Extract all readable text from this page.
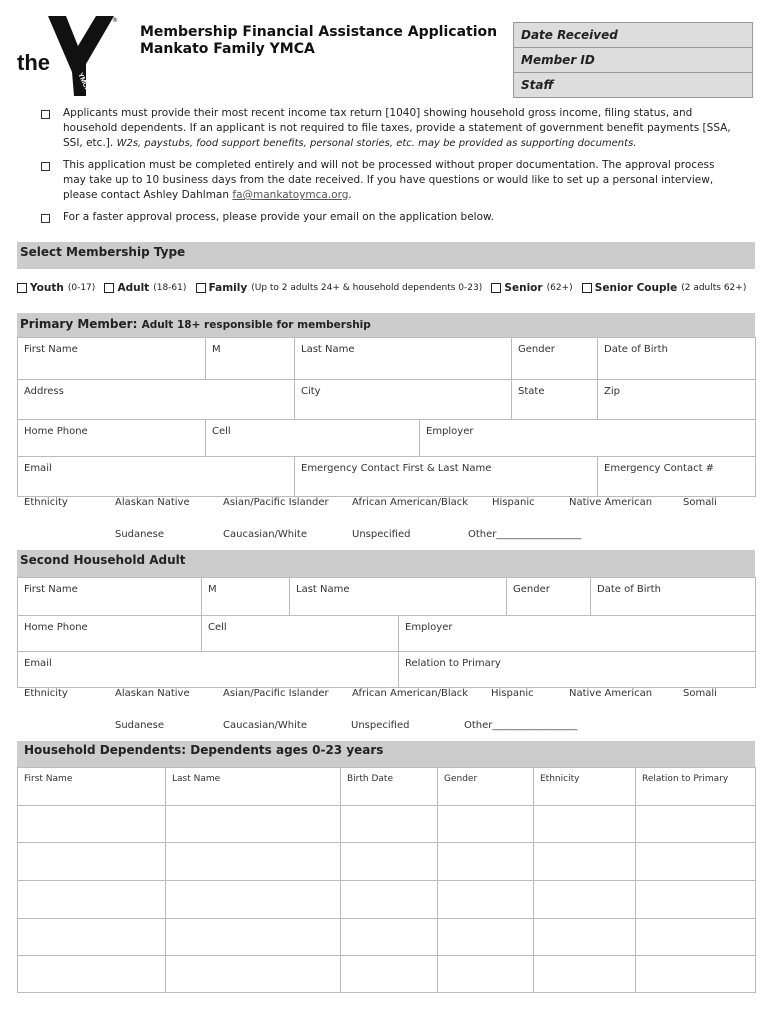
the
YMCA
®
Membership Financial Assistance Application
Mankato Family YMCA
Date Received
Member ID
Staff
Applicants must provide their most recent income tax return [1040] showing household gross income, filing status, and household dependents. If an applicant is not required to file taxes, provide a statement of government benefit payments [SSA, SSI, etc.]. W2s, paystubs, food support benefits, personal stories, etc. may be provided as supporting documents.
This application must be completed entirely and will not be processed without proper documentation. The approval process may take up to 10 business days from the date received. If you have questions or would like to set up a personal interview, please contact Ashley Dahlman fa@mankatoymca.org.
For a faster approval process, please provide your email on the application below.
Select Membership Type
Youth (0-17)
Adult (18-61)
Family (Up to 2 adults 24+ & household dependents 0-23)
Senior (62+)
Senior Couple (2 adults 62+)
Primary Member: Adult 18+ responsible for membership
First Name	M	Last Name		Gender	Date of Birth
Address		City		State	Zip
Home Phone	Cell		Employer		
Email		Emergency Contact First & Last Name			Emergency Contact #
Ethnicity	Alaskan Native	Asian/Pacific Islander African American/Black Hispanic	Native American	Somali
Sudanese	Caucasian/White	Unspecified	Other_________________
Second Household Adult
First Name	M	Last Name		Gender	Date of Birth
Home Phone	Cell		Employer		
Email			Relation to Primary		
Ethnicity	Alaskan Native	Asian/Pacific Islander African American/Black Hispanic	Native American	Somali
Sudanese	Caucasian/White	Unspecified	Other_________________
Household Dependents: Dependents ages 0-23 years
First Name	Last Name	Birth Date	Gender	Ethnicity	Relation to Primary
